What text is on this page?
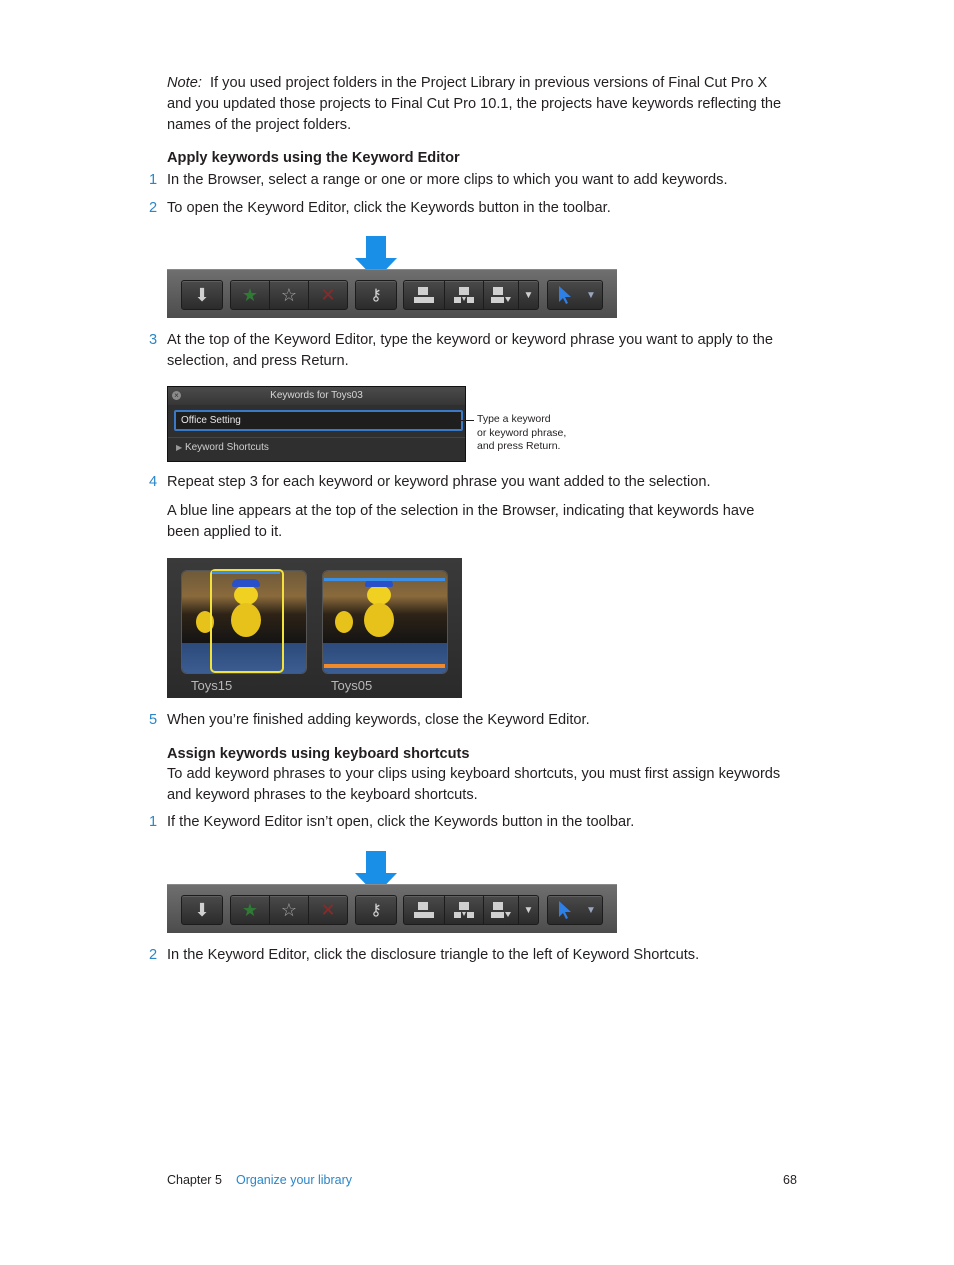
Note: If you used project folders in the Project Library in previous versions of Final Cut Pro X
and you updated those projects to Final Cut Pro 10.1, the projects have keywords reflecting the
names of the project folders.
Apply keywords using the Keyword Editor
1 In the Browser, select a range or one or more clips to which you want to add keywords.
2 To open the Keyword Editor, click the Keywords button in the toolbar.
⬇	★	☆	✕	⚷	▼	▼
3 At the top of the Keyword Editor, type the keyword or keyword phrase you want to apply to the
selection, and press Return.
Keywords for Toys03
×
Office Setting
▶ Keyword Shortcuts
Type a keyword
or keyword phrase,
and press Return.
4 Repeat step 3 for each keyword or keyword phrase you want added to the selection.
A blue line appears at the top of the selection in the Browser, indicating that keywords have
been applied to it.
Toys15	Toys05
5 When you’re finished adding keywords, close the Keyword Editor.
Assign keywords using keyboard shortcuts
To add keyword phrases to your clips using keyboard shortcuts, you must first assign keywords
and keyword phrases to the keyboard shortcuts.
1 If the Keyword Editor isn’t open, click the Keywords button in the toolbar.
⬇	★	☆	✕	⚷	▼	▼
2 In the Keyword Editor, click the disclosure triangle to the left of Keyword Shortcuts.
Chapter 5 Organize your library	68
